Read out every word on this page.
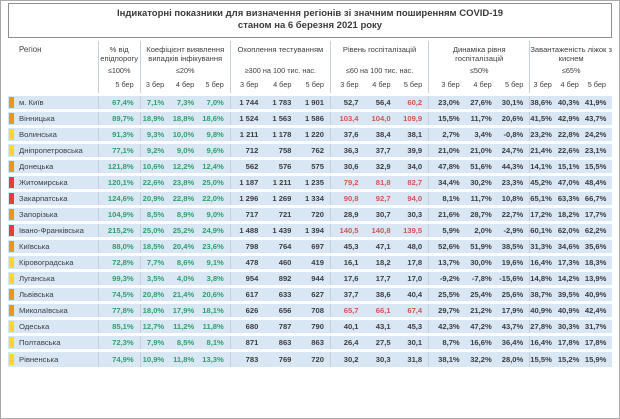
Індикаторні показники для визначення регіонів зі значним поширенням COVID-19
станом на 6 березня 2021 року
Регіон	% від епідпорогу	Коефіцієнт виявлення випадків інфікування			Охоплення тестуванням			Рівень госпіталізацій			Динаміка рівня госпіталізацій			Завантаженість ліжок з киснем		
	≤100%	≤20%			≥300 на 100 тис. нас.			≤60 на 100 тис. нас.			≤50%			≤65%		
	5 бер	3 бер	4 бер	5 бер	3 бер	4 бер	5 бер	3 бер	4 бер	5 бер	3 бер	4 бер	5 бер	3 бер	4 бер	5 бер

м. Київ	67,4%	7,1%	7,3%	7,0%	1 744	1 783	1 901	52,7	56,4	60,2	23,0%	27,6%	30,1%	38,6%	40,3%	41,9%

Вінницька	89,7%	18,9%	18,8%	18,6%	1 524	1 563	1 586	103,4	104,0	109,9	15,5%	11,7%	20,6%	41,5%	42,9%	43,7%

Волинська	91,3%	9,3%	10,0%	9,8%	1 211	1 178	1 220	37,6	38,4	38,1	2,7%	3,4%	-0,8%	23,2%	22,8%	24,2%

Дніпропетровська	77,1%	9,2%	9,0%	9,6%	712	758	762	36,3	37,7	39,9	21,0%	21,0%	24,7%	21,4%	22,6%	23,1%

Донецька	121,8%	10,6%	12,2%	12,4%	562	576	575	30,6	32,9	34,0	47,8%	51,6%	44,3%	14,1%	15,1%	15,5%

Житомирська	120,1%	22,6%	23,8%	25,0%	1 187	1 211	1 235	79,2	81,8	82,7	34,4%	30,2%	23,3%	45,2%	47,0%	48,4%

Закарпатська	124,6%	20,9%	22,8%	22,0%	1 296	1 269	1 334	90,8	92,7	94,0	8,1%	11,7%	10,8%	65,1%	63,3%	66,7%

Запорізька	104,9%	8,5%	8,9%	9,0%	717	721	720	28,9	30,7	30,3	21,6%	28,7%	22,7%	17,2%	18,2%	17,7%

Івано-Франківська	215,2%	25,0%	25,2%	24,9%	1 488	1 439	1 394	140,5	140,8	139,5	5,9%	2,0%	-2,9%	60,1%	62,0%	62,2%

Київська	88,0%	18,5%	20,4%	23,6%	798	764	697	45,3	47,1	48,0	52,6%	51,9%	38,5%	31,3%	34,6%	35,6%

Кіровоградська	72,8%	7,7%	8,6%	9,1%	478	460	419	16,1	18,2	17,8	13,7%	30,0%	19,6%	16,4%	17,3%	18,3%

Луганська	99,3%	3,5%	4,0%	3,8%	954	892	944	17,6	17,7	17,0	-9,2%	-7,8%	-15,6%	14,8%	14,2%	13,9%

Львівська	74,5%	20,8%	21,4%	20,6%	617	633	627	37,7	38,6	40,4	25,5%	25,4%	25,6%	38,7%	39,5%	40,9%

Миколаївська	77,8%	18,0%	17,9%	18,1%	626	656	708	65,7	66,1	67,4	29,7%	21,2%	17,9%	40,9%	40,9%	42,4%

Одеська	85,1%	12,7%	11,2%	11,8%	680	787	790	40,1	43,1	45,3	42,3%	47,2%	43,7%	27,8%	30,3%	31,7%

Полтавська	72,3%	7,9%	8,5%	8,1%	871	863	863	26,4	27,5	30,1	8,7%	16,6%	36,4%	16,4%	17,8%	17,8%

Рівненська	74,9%	10,9%	11,8%	13,3%	783	769	720	30,2	30,3	31,8	38,1%	32,2%	28,0%	15,5%	15,2%	15,9%
